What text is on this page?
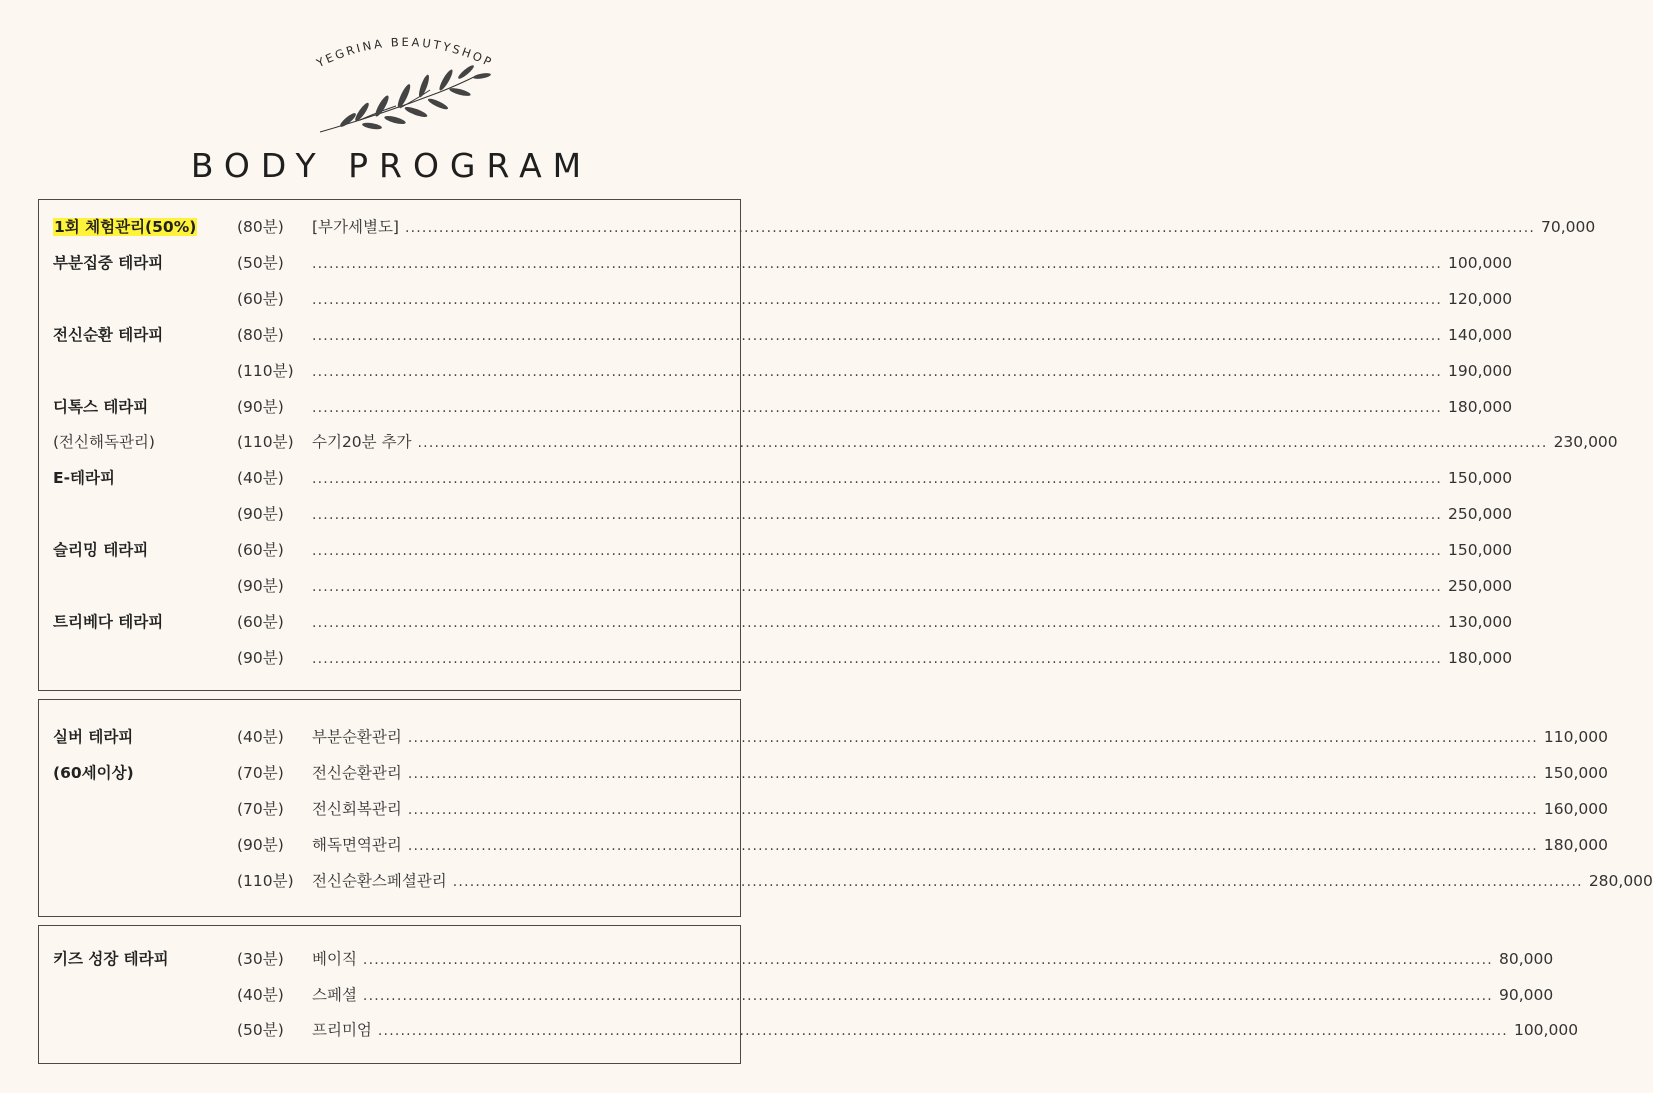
YEGRINA BEAUTYSHOP
BODY PROGRAM
1회 체험관리(50%)	(80분) [부가세별도] ........................................................................................................................................................................................................ 70,000
부분집중 테라피	(50분) ........................................................................................................................................................................................................ 100,000
(60분) ........................................................................................................................................................................................................ 120,000
전신순환 테라피	(80분) ........................................................................................................................................................................................................ 140,000
(110분) ........................................................................................................................................................................................................ 190,000
디톡스 테라피	(90분) ........................................................................................................................................................................................................ 180,000
(전신해독관리)	(110분) 수기20분 추가 ........................................................................................................................................................................................................ 230,000
E-테라피	(40분) ........................................................................................................................................................................................................ 150,000
(90분) ........................................................................................................................................................................................................ 250,000
슬리밍 테라피	(60분) ........................................................................................................................................................................................................ 150,000
(90분) ........................................................................................................................................................................................................ 250,000
트리베다 테라피	(60분) ........................................................................................................................................................................................................ 130,000
(90분) ........................................................................................................................................................................................................ 180,000
실버 테라피	(40분) 부분순환관리 ........................................................................................................................................................................................................ 110,000
(60세이상)	(70분) 전신순환관리 ........................................................................................................................................................................................................ 150,000
(70분) 전신회복관리 ........................................................................................................................................................................................................ 160,000
(90분) 해독면역관리 ........................................................................................................................................................................................................ 180,000
(110분) 전신순환스페셜관리 ........................................................................................................................................................................................................ 280,000
키즈 성장 테라피	(30분) 베이직 ........................................................................................................................................................................................................ 80,000
(40분) 스페셜 ........................................................................................................................................................................................................ 90,000
(50분) 프리미엄 ........................................................................................................................................................................................................ 100,000
